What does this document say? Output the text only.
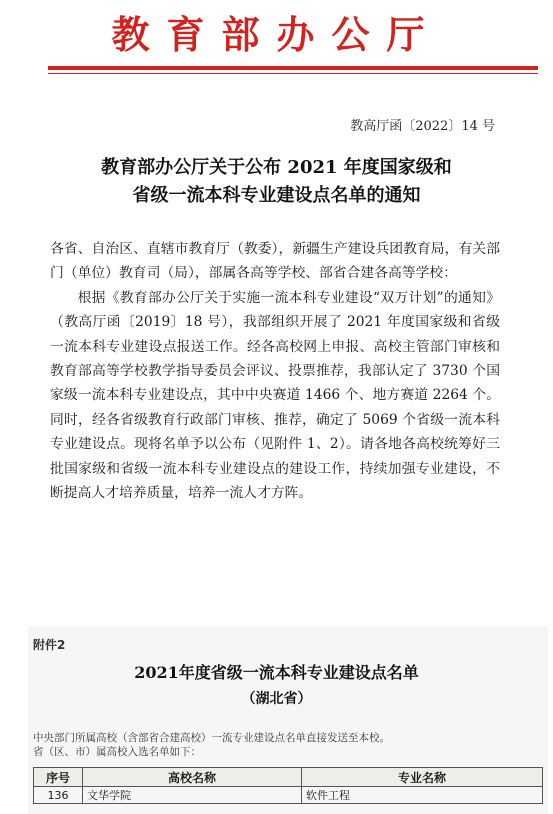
教育部办公厅
教高厅函〔2022〕14 号
教育部办公厅关于公布 2021 年度国家级和
省级一流本科专业建设点名单的通知

各省、自治区、直辖市教育厅（教委），新疆生产建设兵团教育局，有关部门（单位）教育司（局），部属各高等学校、部省合建各高等学校：

根据《教育部办公厅关于实施一流本科专业建设“双万计划”的通知》（教高厅函〔2019〕18 号），我部组织开展了 2021 年度国家级和省级一流本科专业建设点报送工作。经各高校网上申报、高校主管部门审核和教育部高等学校教学指导委员会评议、投票推荐，我部认定了 3730 个国家级一流本科专业建设点，其中中央赛道 1466 个、地方赛道 2264 个。同时，经各省级教育行政部门审核、推荐，确定了 5069 个省级一流本科专业建设点。现将名单予以公布（见附件 1、2）。请各地各高校统筹好三批国家级和省级一流本科专业建设点的建设工作，持续加强专业建设，不断提高人才培养质量，培养一流人才方阵。

附件2
2021年度省级一流本科专业建设点名单
（湖北省）
中央部门所属高校（含部省合建高校）一流专业建设点名单直接发送至本校。
省（区、市）属高校入选名单如下：
序号	高校名称	专业名称
136	文华学院	软件工程
